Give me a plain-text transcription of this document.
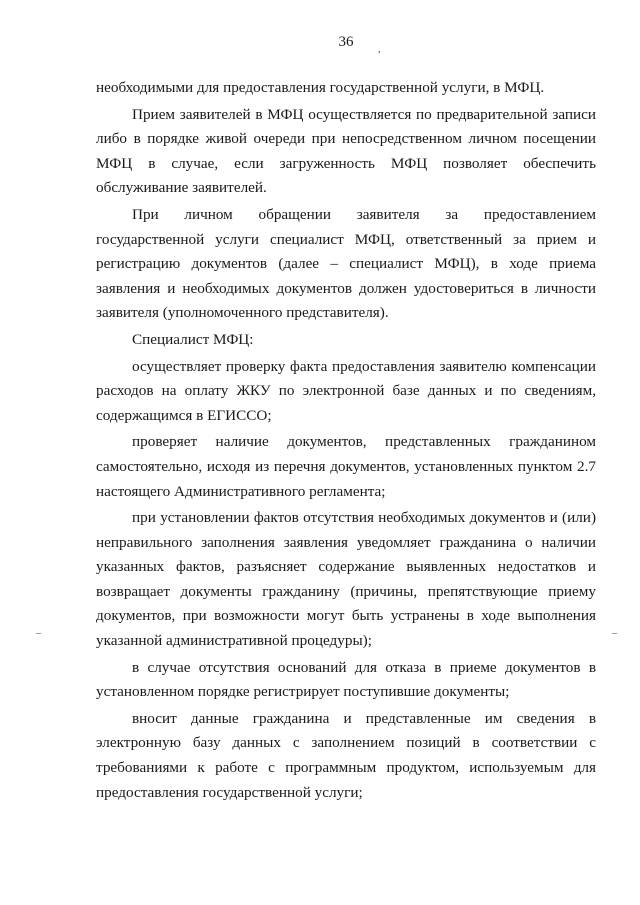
36	,
–	–

необходимыми для предоставления государственной услуги, в МФЦ.

Прием заявителей в МФЦ осуществляется по предварительной записи либо в порядке живой очереди при непосредственном личном посещении МФЦ в случае, если загруженность МФЦ позволяет обеспечить обслуживание заявителей.

При личном обращении заявителя за предоставлением государственной услуги специалист МФЦ, ответственный за прием и регистрацию документов (далее – специалист МФЦ), в ходе приема заявления и необходимых документов должен удостовериться в личности заявителя (уполномоченного представителя).

Специалист МФЦ:

осуществляет проверку факта предоставления заявителю компенсации расходов на оплату ЖКУ по электронной базе данных и по сведениям, содержащимся в ЕГИССО;

проверяет наличие документов, представленных гражданином самостоятельно, исходя из перечня документов, установленных пунктом 2.7 настоящего Административного регламента;

при установлении фактов отсутствия необходимых документов и (или) неправильного заполнения заявления уведомляет гражданина о наличии указанных фактов, разъясняет содержание выявленных недостатков и возвращает документы гражданину (причины, препятствующие приему документов, при возможности могут быть устранены в ходе выполнения указанной административной процедуры);

в случае отсутствия оснований для отказа в приеме документов в установленном порядке регистрирует поступившие документы;

вносит данные гражданина и представленные им сведения в электронную базу данных с заполнением позиций в соответствии с требованиями к работе с программным продуктом, используемым для предоставления государственной услуги;
